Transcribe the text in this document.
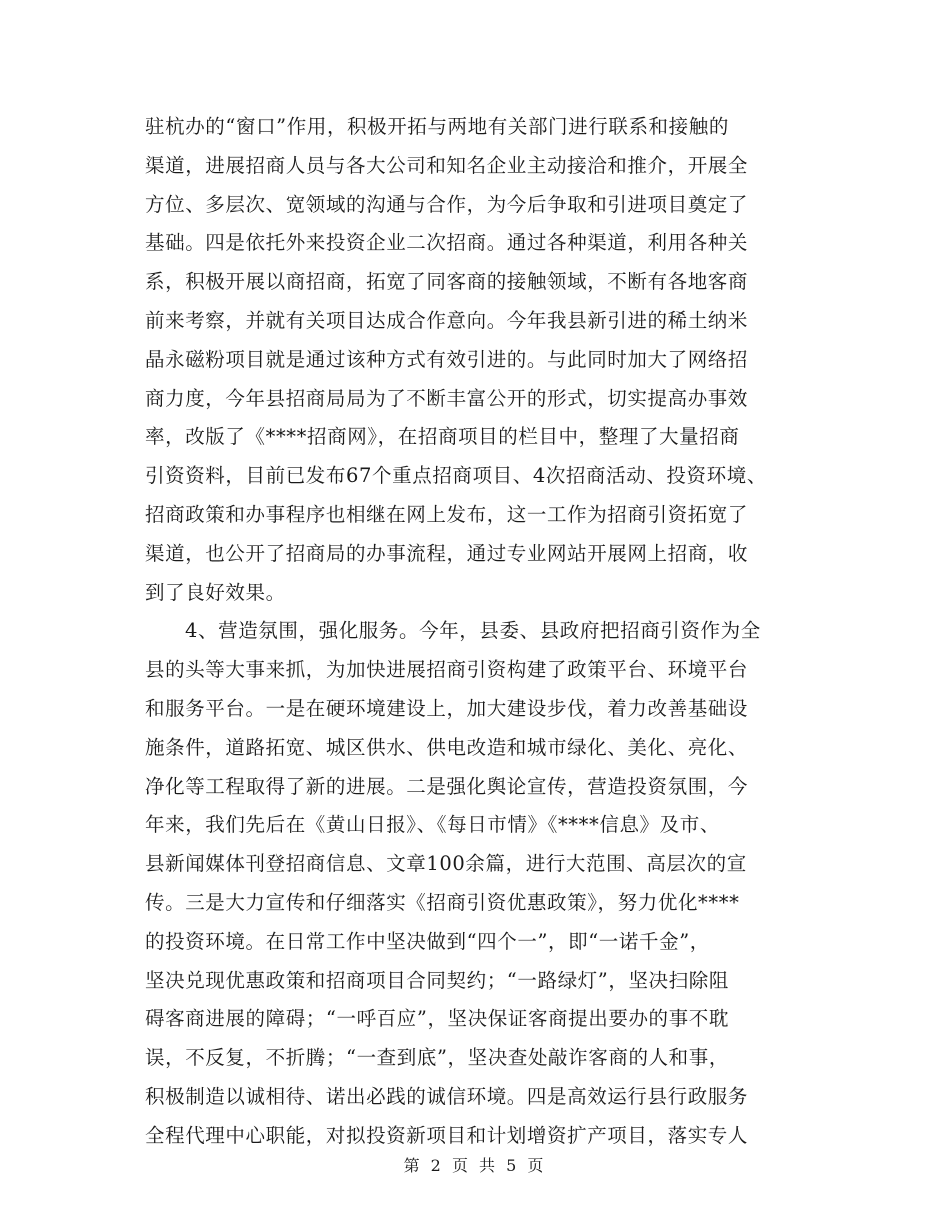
驻杭办的“窗口”作用，积极开拓与两地有关部门进行联系和接触的
渠道，进展招商人员与各大公司和知名企业主动接洽和推介，开展全
方位、多层次、宽领域的沟通与合作，为今后争取和引进项目奠定了
基础。四是依托外来投资企业二次招商。通过各种渠道，利用各种关
系，积极开展以商招商，拓宽了同客商的接触领域，不断有各地客商
前来考察，并就有关项目达成合作意向。今年我县新引进的稀土纳米
晶永磁粉项目就是通过该种方式有效引进的。与此同时加大了网络招
商力度，今年县招商局局为了不断丰富公开的形式，切实提高办事效
率，改版了《****招商网》，在招商项目的栏目中，整理了大量招商
引资资料，目前已发布67个重点招商项目、4次招商活动、投资环境、
招商政策和办事程序也相继在网上发布，这一工作为招商引资拓宽了
渠道，也公开了招商局的办事流程，通过专业网站开展网上招商，收
到了良好效果。
4、营造氛围，强化服务。今年，县委、县政府把招商引资作为全
县的头等大事来抓，为加快进展招商引资构建了政策平台、环境平台
和服务平台。一是在硬环境建设上，加大建设步伐，着力改善基础设
施条件，道路拓宽、城区供水、供电改造和城市绿化、美化、亮化、
净化等工程取得了新的进展。二是强化舆论宣传，营造投资氛围，今
年来，我们先后在《黄山日报》、《每日市情》《****信息》及市、
县新闻媒体刊登招商信息、文章100余篇，进行大范围、高层次的宣
传。三是大力宣传和仔细落实《招商引资优惠政策》，努力优化****
的投资环境。在日常工作中坚决做到“四个一”，即“一诺千金”，
坚决兑现优惠政策和招商项目合同契约；“一路绿灯”，坚决扫除阻
碍客商进展的障碍；“一呼百应”，坚决保证客商提出要办的事不耽
误，不反复，不折腾；“一查到底”，坚决查处敲诈客商的人和事，
积极制造以诚相待、诺出必践的诚信环境。四是高效运行县行政服务
全程代理中心职能，对拟投资新项目和计划增资扩产项目，落实专人
第 2 页 共 5 页
